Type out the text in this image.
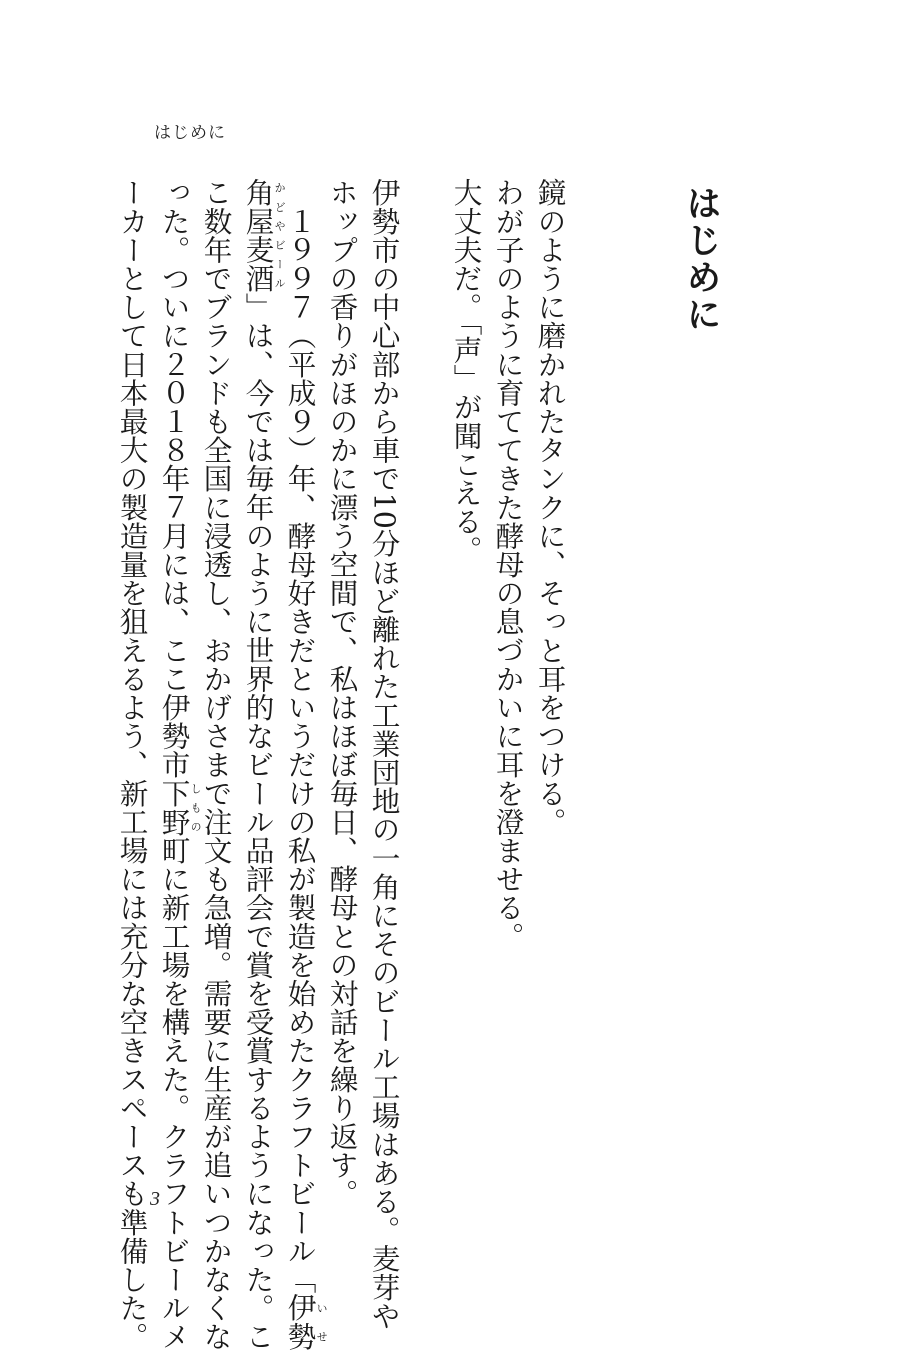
はじめに
はじめに
鏡のように磨かれたタンクに、そっと耳をつける。
わが子のように育ててきた酵母の息づかいに耳を澄ませる。
大丈夫だ。「声」が聞こえる。
伊勢市の中心部から車で10分ほど離れた工業団地の一角にそのビール工場はある。麦芽や
ホップの香りがほのかに漂う空間で、私はほぼ毎日、酵母との対話を繰り返す。
　１９９７（平成９）年、酵母好きだというだけの私が製造を始めたクラフトビール「伊勢いせ
角屋かどや麦酒ビール」は、今では毎年のように世界的なビール品評会で賞を受賞するようになった。こ
こ数年でブランドも全国に浸透し、おかげさまで注文も急増。需要に生産が追いつかなくな
った。ついに２０１８年７月には、ここ伊勢市下野しもの町に新工場を構えた。クラフトビールメ
ーカーとして日本最大の製造量を狙えるよう、新工場には充分な空きスペースも準備した。 3
